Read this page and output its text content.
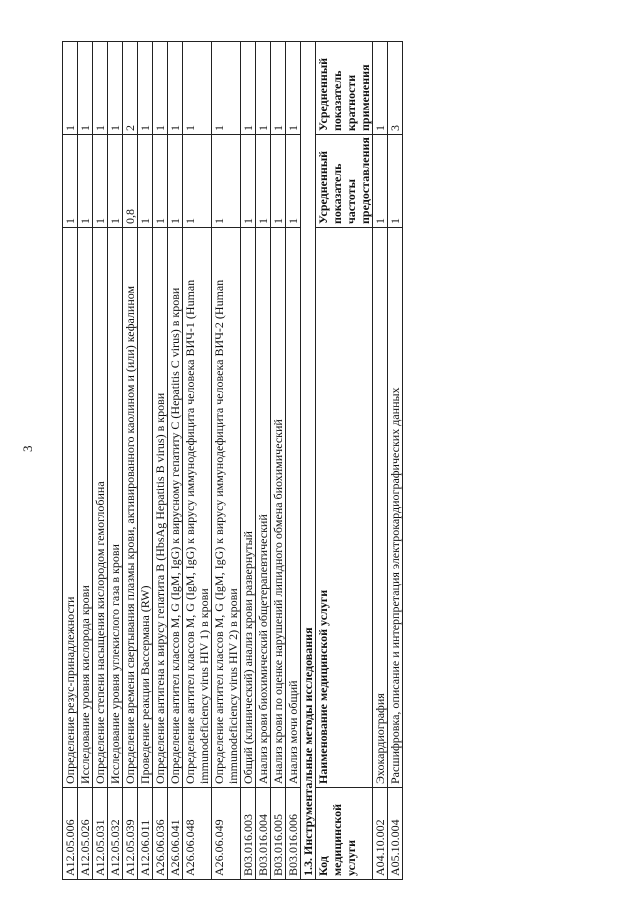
3
A12.05.006	Определение резус-принадлежности	1	1
A12.05.026	Исследование уровня кислорода крови	1	1
A12.05.031	Определение степени насыщения кислородом гемоглобина	1	1
A12.05.032	Исследование уровня углекислого газа в крови	1	1
A12.05.039	Определение времени свертывания плазмы крови, активированного каолином и (или) кефалином	0,8	2
A12.06.011	Проведение реакции Вассермана (RW)	1	1
A26.06.036	Определение антигена к вирусу гепатита B (HbsAg Hepatitis B virus) в крови	1	1
A26.06.041	Определение антител классов M, G (IgM, IgG) к вирусному гепатиту C (Hepatitis C virus) в крови	1	1
A26.06.048	Определение антител классов M, G (IgM, IgG) к вирусу иммунодефицита человека ВИЧ-1 (Human immunodeficiency virus HIV 1) в крови	1	1
A26.06.049	Определение антител классов M, G (IgM, IgG) к вирусу иммунодефицита человека ВИЧ-2 (Human immunodeficiency virus HIV 2) в крови	1	1
B03.016.003	Общий (клинический) анализ крови развернутый	1	1
B03.016.004	Анализ крови биохимический общетерапевтический	1	1
B03.016.005	Анализ крови по оценке нарушений липидного обмена биохимический	1	1
B03.016.006	Анализ мочи общий	1	1
1.3. Инструментальные методы исследования			
Код медицинской услуги	Наименование медицинской услуги	Усредненный показатель частоты предоставления	Усредненный показатель кратности применения
A04.10.002	Эхокардиография	1	1
A05.10.004	Расшифровка, описание и интерпретация электрокардиографических данных	1	3
